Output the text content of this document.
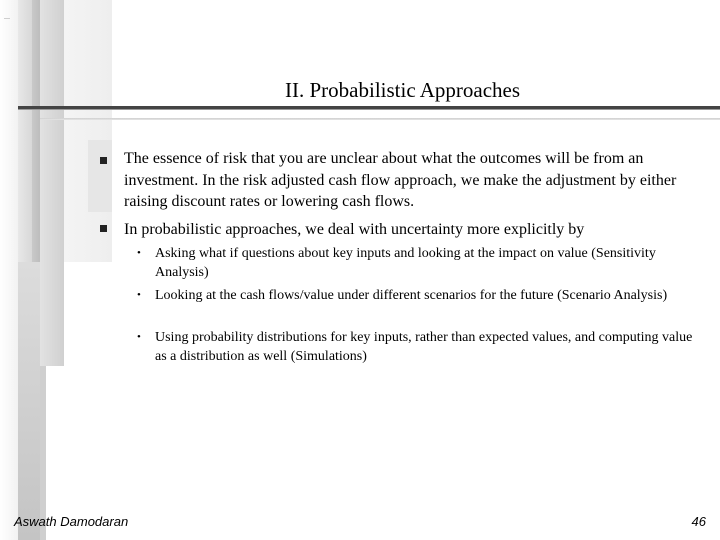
II. Probabilistic Approaches
The essence of risk that you are unclear about what the outcomes will be from an investment. In the risk adjusted cash flow approach, we make the adjustment by either raising discount rates or lowering cash flows.
In probabilistic approaches, we deal with uncertainty more explicitly by
• Asking what if questions about key inputs and looking at the impact on value (Sensitivity Analysis)
• Looking at the cash flows/value under different scenarios for the future (Scenario Analysis)
• Using probability distributions for key inputs, rather than expected values, and computing value as a distribution as well (Simulations)
Aswath Damodaran	46
